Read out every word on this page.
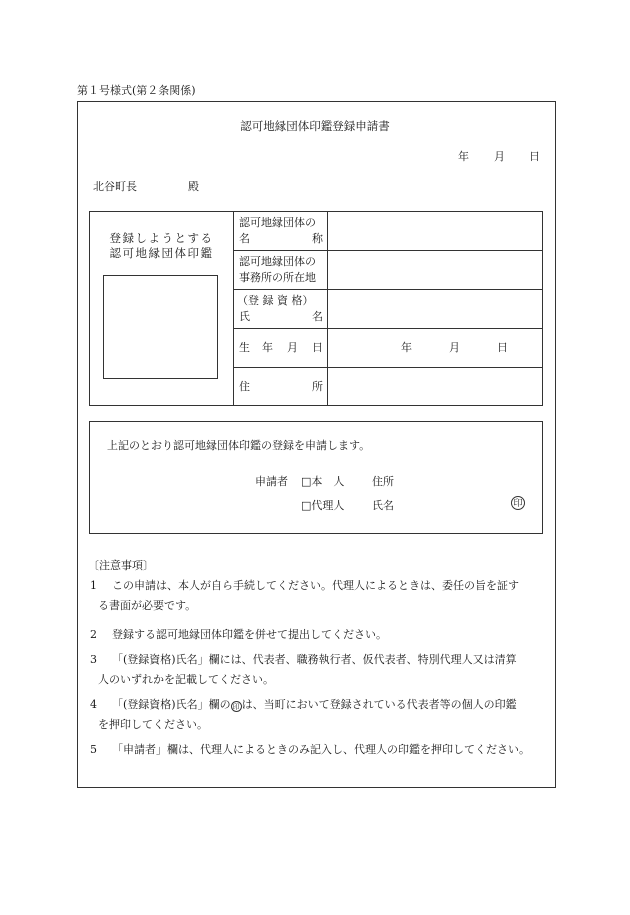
第１号様式(第２条関係)
認可地縁団体印鑑登録申請書
年 月 日
北谷町長	殿
登録しようとする
認可地縁団体印鑑
認可地縁団体の
名	称
認可地縁団体の
事務所の所在地
（登 録 資 格）
氏	名
生 年 月 日	年	月	日
住	所
上記のとおり認可地縁団体印鑑の登録を申請します。
申請者 □本　人
□代理人
住所
氏名	印
〔注意事項〕
1 この申請は、本人が自ら手続してください。代理人によるときは、委任の旨を証す
る書面が必要です。
2 登録する認可地縁団体印鑑を併せて提出してください。
3 「(登録資格)氏名」欄には、代表者、職務執行者、仮代表者、特別代理人又は清算
人のいずれかを記載してください。
4 「(登録資格)氏名」欄の 印 は、当町において登録されている代表者等の個人の印鑑
を押印してください。
5 「申請者」欄は、代理人によるときのみ記入し、代理人の印鑑を押印してください。
